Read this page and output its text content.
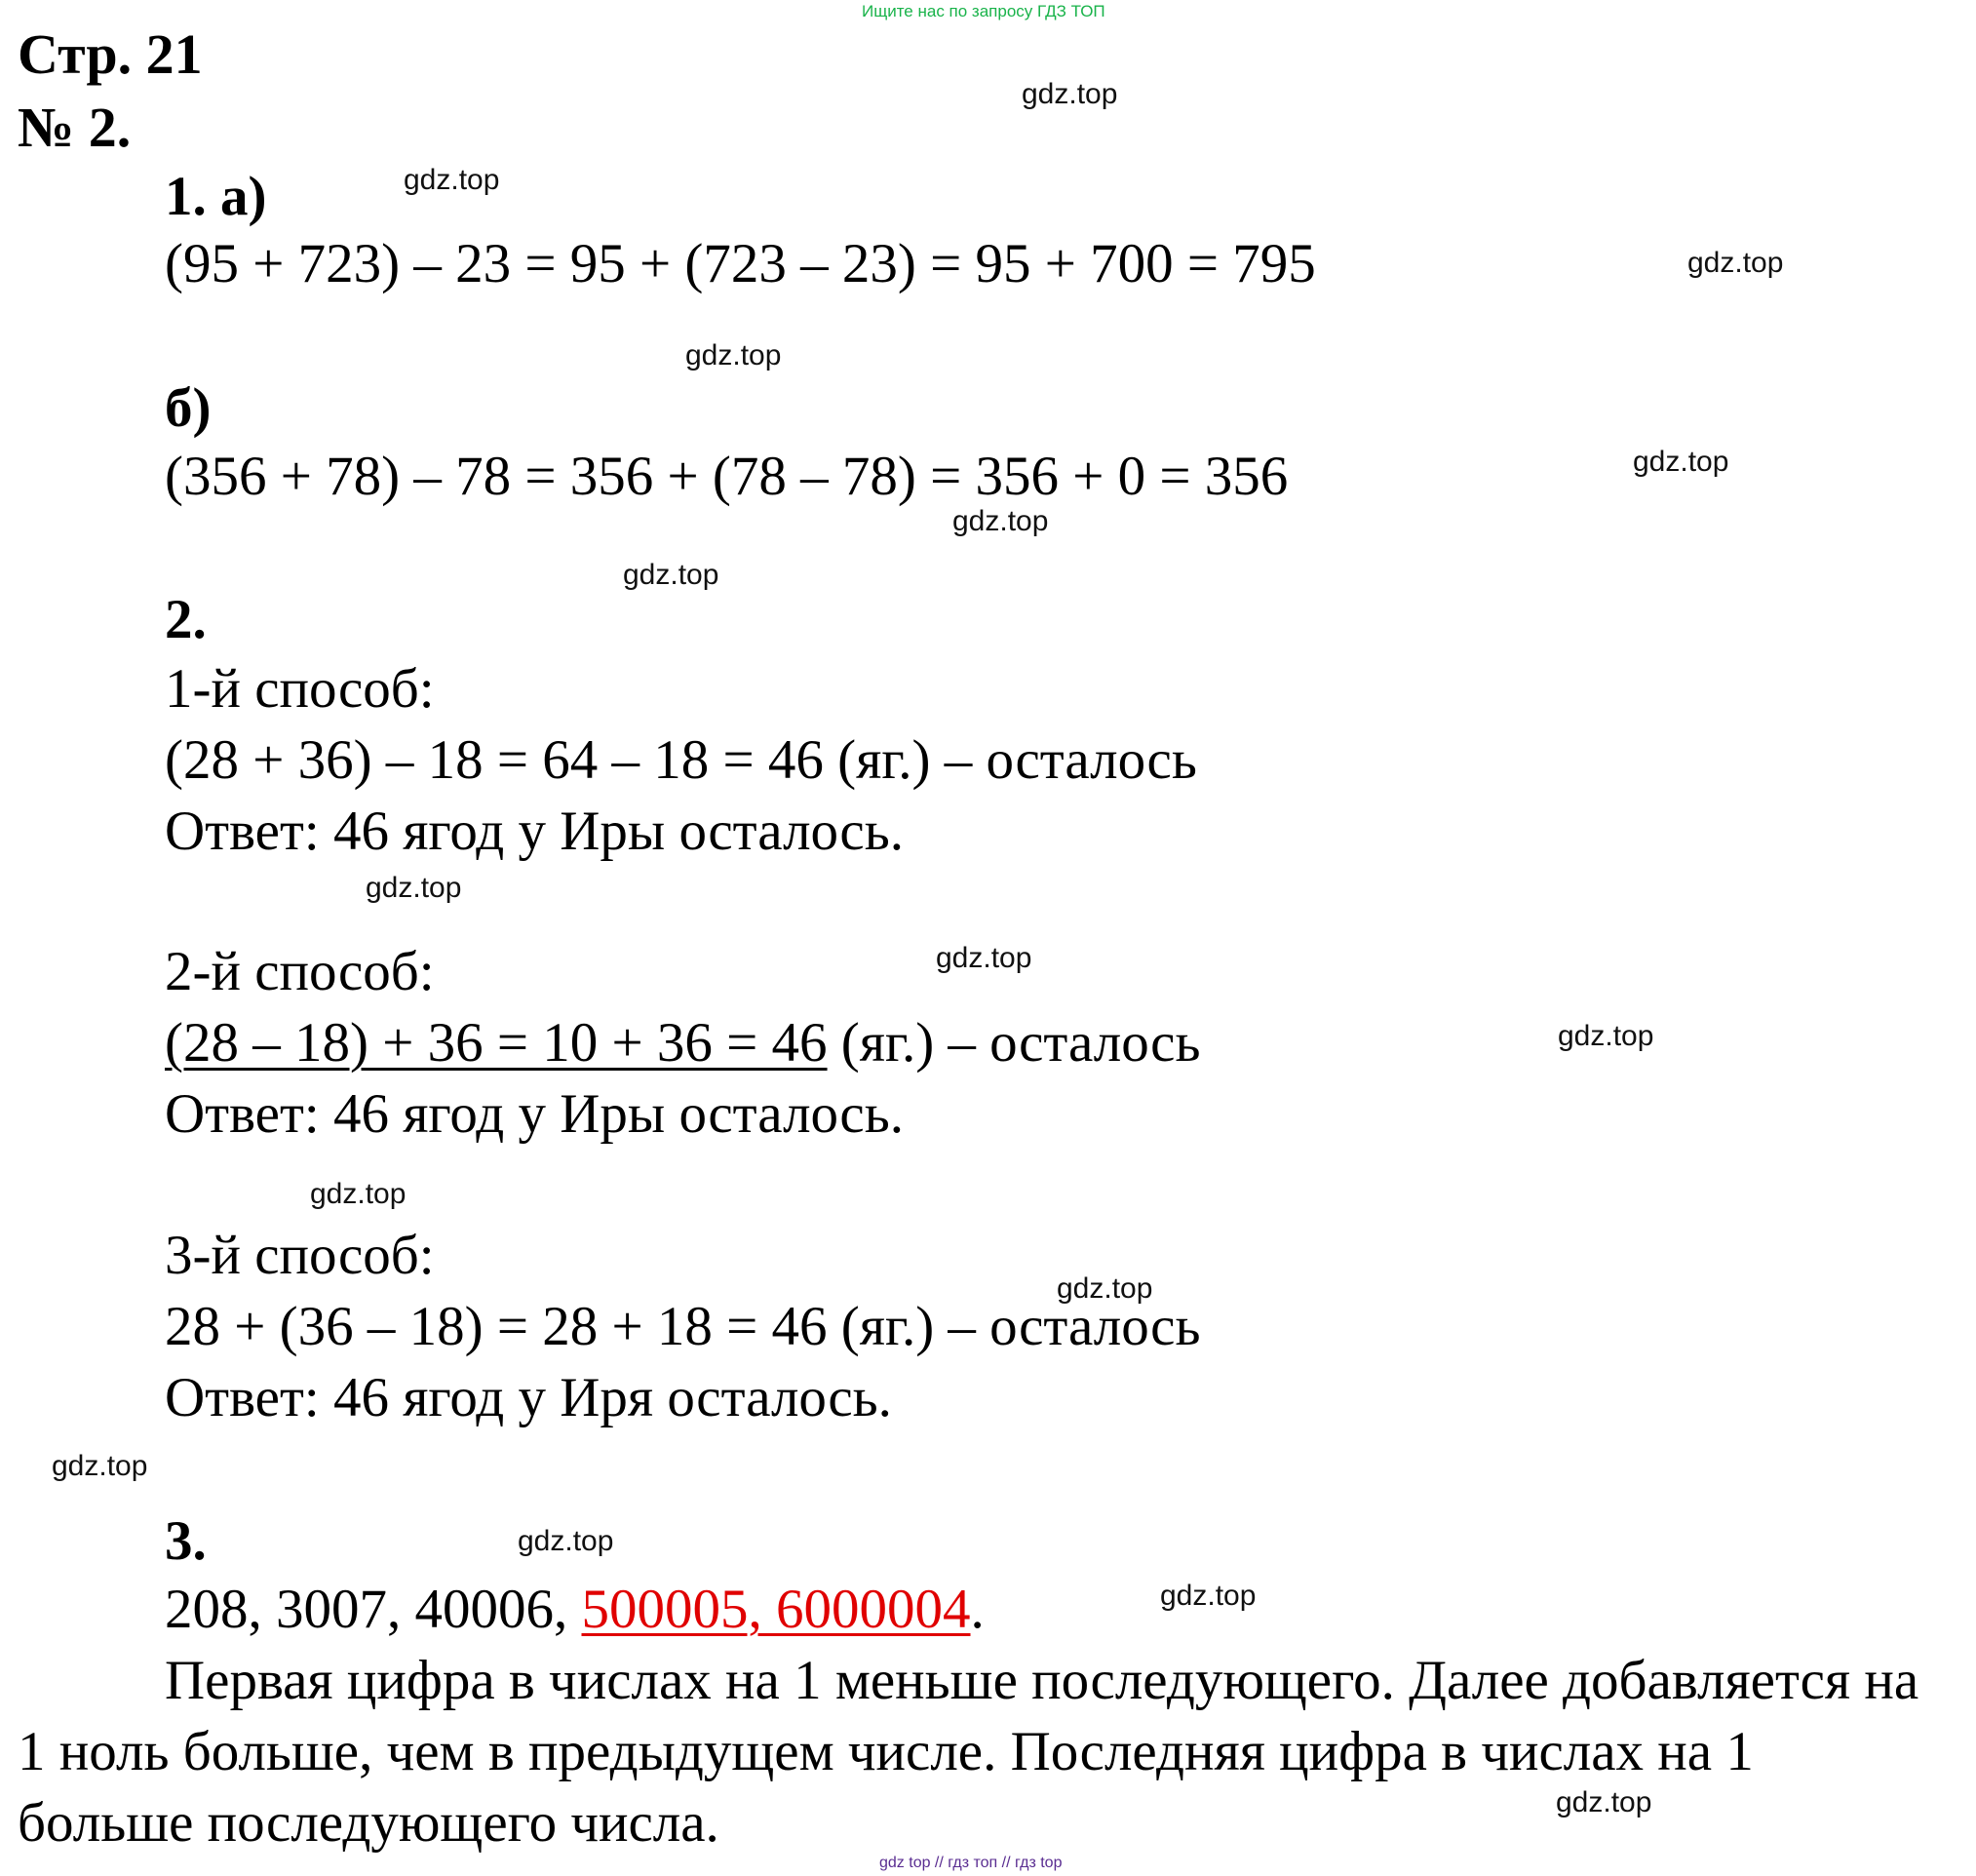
Ищите нас по запросу ГДЗ ТОП
Стр. 21
№ 2.
1. а)
(95 + 723) – 23 = 95 + (723 – 23) = 95 + 700 = 795
б)
(356 + 78) – 78 = 356 + (78 – 78) = 356 + 0 = 356
2.
1-й способ:
(28 + 36) – 18 = 64 – 18 = 46 (яг.) – осталось
Ответ: 46 ягод у Иры осталось.
2-й способ:
(28 – 18) + 36 = 10 + 36 = 46 (яг.) – осталось
Ответ: 46 ягод у Иры осталось.
3-й способ:
28 + (36 – 18) = 28 + 18 = 46 (яг.) – осталось
Ответ: 46 ягод у Иря осталось.
3.
208, 3007, 40006, 500005, 6000004.
Первая цифра в числах на 1 меньше последующего. Далее добавляется на
1 ноль больше, чем в предыдущем числе. Последняя цифра в числах на 1
больше последующего числа.
gdz.top
gdz.top
gdz.top
gdz.top
gdz.top
gdz.top
gdz.top
gdz.top
gdz.top
gdz.top
gdz.top
gdz.top
gdz.top
gdz.top
gdz.top
gdz.top
gdz top // гдз топ // гдз top
